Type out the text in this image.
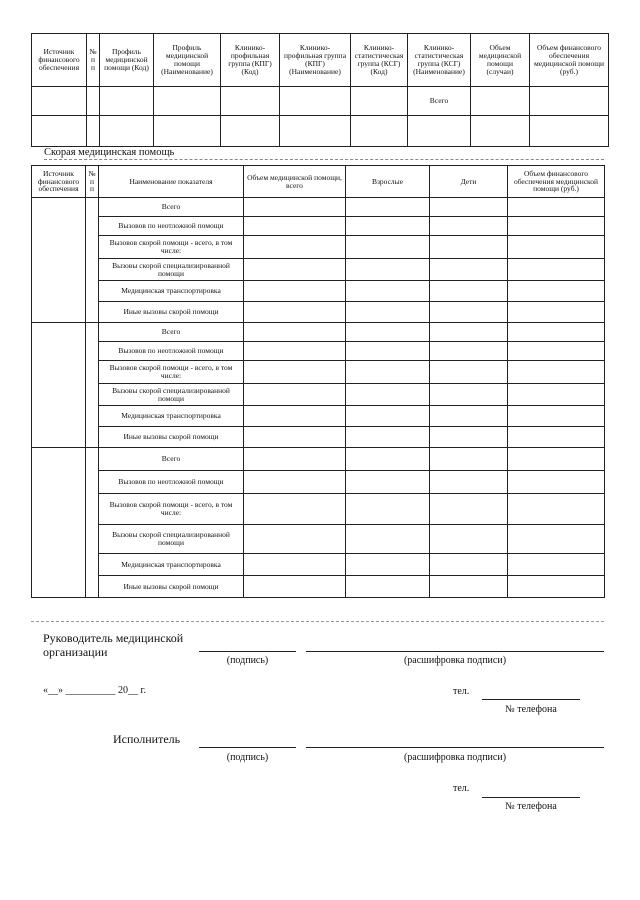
Источник финансового обеспечения	№ пп	Профиль медицинской помощи (Код)	Профиль медицинской помощи (Наименование)	Клинико-профильная группа (КПГ) (Код)	Клинико-профильная группа (КПГ) (Наименование)	Клинико-статистическая группа (КСГ) (Код)	Клинико-статистическая группа (КСГ) (Наименование)	Объем медицинской помощи (случаи)	Объем финансового обеспечения медицинской помощи (руб.)
							Всего		

Скорая медицинская помощь
Источник финансового обеспечения	№ пп	Наименование показателя	Объем медицинской помощи, всего	Взрослые	Дети	Объем финансового обеспечения медицинской помощи (руб.)
		Всего				
		Вызовов по неотложной помощи				
		Вызовов скорой помощи - всего, в том числе:				
		Вызовы скорой специализированной помощи				
		Медицинская транспортировка				
		Иные вызовы скорой помощи				
		Всего				
		Вызовов по неотложной помощи				
		Вызовов скорой помощи - всего, в том числе:				
		Вызовы скорой специализированной помощи				
		Медицинская транспортировка				
		Иные вызовы скорой помощи				
		Всего				
		Вызовов по неотложной помощи				
		Вызовов скорой помощи - всего, в том числе:				
		Вызовы скорой специализированной помощи				
		Медицинская транспортировка				
		Иные вызовы скорой помощи				
Руководитель медицинской организации
(подпись)	(расшифровка подписи)
«__» __________ 20__ г.	тел.
№ телефона
Исполнитель
(подпись)	(расшифровка подписи)
тел.
№ телефона
